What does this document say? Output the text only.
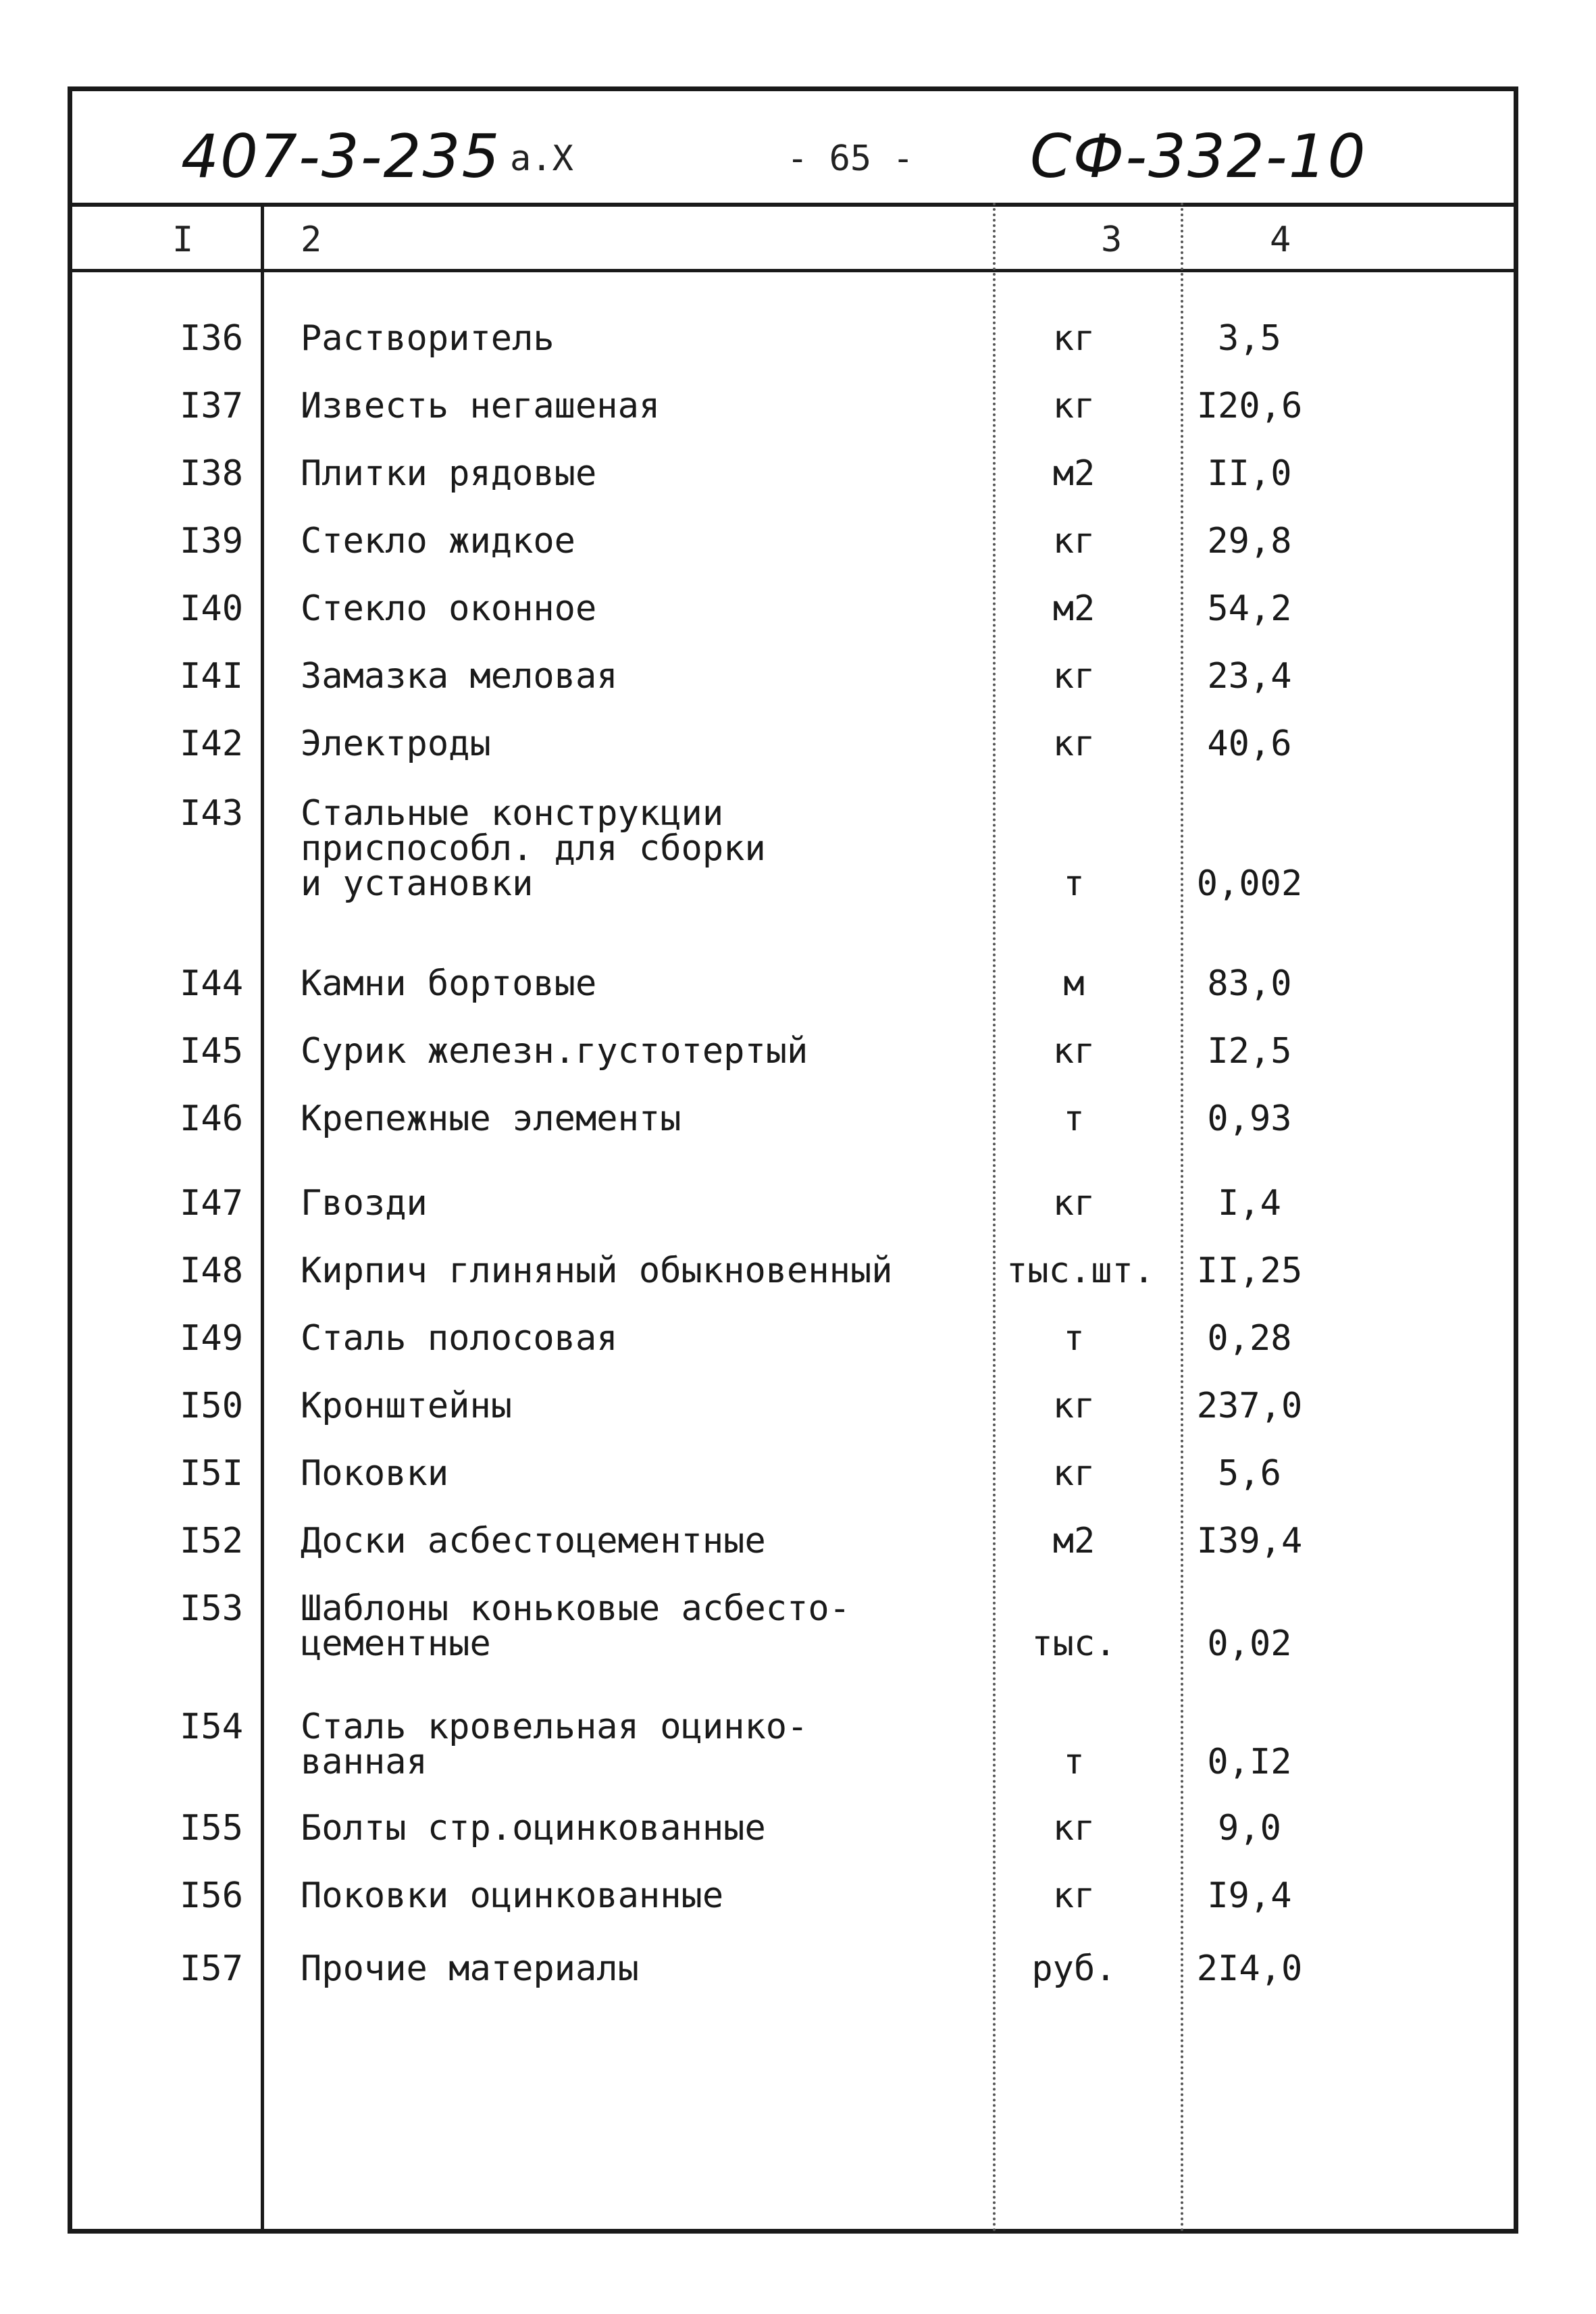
407-3-235 а.X	- 65 - СФ-332-10
I	2	3	4
I36 Растворитель	кг	3,5
I37 Известь негашеная	кг	I20,6
I38 Плитки рядовые	м2	II,0
I39 Стекло жидкое	кг	29,8
I40 Стекло оконное	м2	54,2
I4I Замазка меловая	кг	23,4
I42 Электроды	кг	40,6
I43 Стальные конструкции
приспособл. для сборки
и установки	т	0,002
I44 Камни бортовые	м	83,0
I45 Сурик железн.густотертый	кг	I2,5
I46 Крепежные элементы	т	0,93
I47 Гвозди	кг	I,4
I48 Кирпич глиняный обыкновенный	тыс.шт.	II,25
I49 Сталь полосовая	т	0,28
I50 Кронштейны	кг	237,0
I5I Поковки	кг	5,6
I52 Доски асбестоцементные	м2	I39,4
I53 Шаблоны коньковые асбесто-
цементные	тыс.	0,02
I54 Сталь кровельная оцинко-
ванная	т	0,I2
I55 Болты стр.оцинкованные	кг	9,0
I56 Поковки оцинкованные	кг	I9,4
I57 Прочие материалы	руб.	2I4,0
